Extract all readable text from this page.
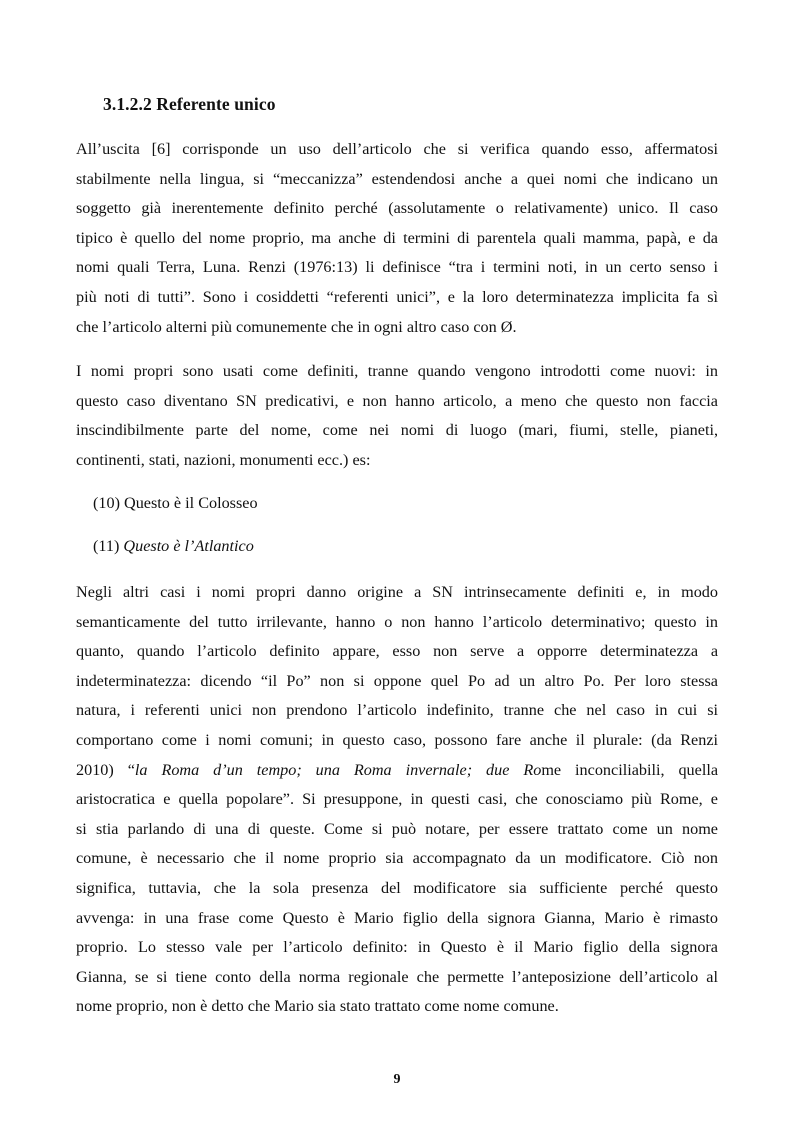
3.1.2.2 Referente unico
All’uscita [6] corrisponde un uso dell’articolo che si verifica quando esso, affermatosi
stabilmente nella lingua, si “meccanizza” estendendosi anche a quei nomi che indicano un
soggetto già inerentemente definito perché (assolutamente o relativamente) unico. Il caso
tipico è quello del nome proprio, ma anche di termini di parentela quali mamma, papà, e da
nomi quali Terra, Luna. Renzi (1976:13) li definisce “tra i termini noti, in un certo senso i
più noti di tutti”. Sono i cosiddetti “referenti unici”, e la loro determinatezza implicita fa sì
che l’articolo alterni più comunemente che in ogni altro caso con Ø.
I nomi propri sono usati come definiti, tranne quando vengono introdotti come nuovi: in
questo caso diventano SN predicativi, e non hanno articolo, a meno che questo non faccia
inscindibilmente parte del nome, come nei nomi di luogo (mari, fiumi, stelle, pianeti,
continenti, stati, nazioni, monumenti ecc.) es:
(10) Questo è il Colosseo
(11) Questo è l’Atlantico
Negli altri casi i nomi propri danno origine a SN intrinsecamente definiti e, in modo
semanticamente del tutto irrilevante, hanno o non hanno l’articolo determinativo; questo in
quanto, quando l’articolo definito appare, esso non serve a opporre determinatezza a
indeterminatezza: dicendo “il Po” non si oppone quel Po ad un altro Po. Per loro stessa
natura, i referenti unici non prendono l’articolo indefinito, tranne che nel caso in cui si
comportano come i nomi comuni; in questo caso, possono fare anche il plurale: (da Renzi
2010) “la Roma d’un tempo; una Roma invernale; due Rome inconciliabili, quella
aristocratica e quella popolare”. Si presuppone, in questi casi, che conosciamo più Rome, e
si stia parlando di una di queste. Come si può notare, per essere trattato come un nome
comune, è necessario che il nome proprio sia accompagnato da un modificatore. Ciò non
significa, tuttavia, che la sola presenza del modificatore sia sufficiente perché questo
avvenga: in una frase come Questo è Mario figlio della signora Gianna, Mario è rimasto
proprio. Lo stesso vale per l’articolo definito: in Questo è il Mario figlio della signora
Gianna, se si tiene conto della norma regionale che permette l’anteposizione dell’articolo al
nome proprio, non è detto che Mario sia stato trattato come nome comune.
9
